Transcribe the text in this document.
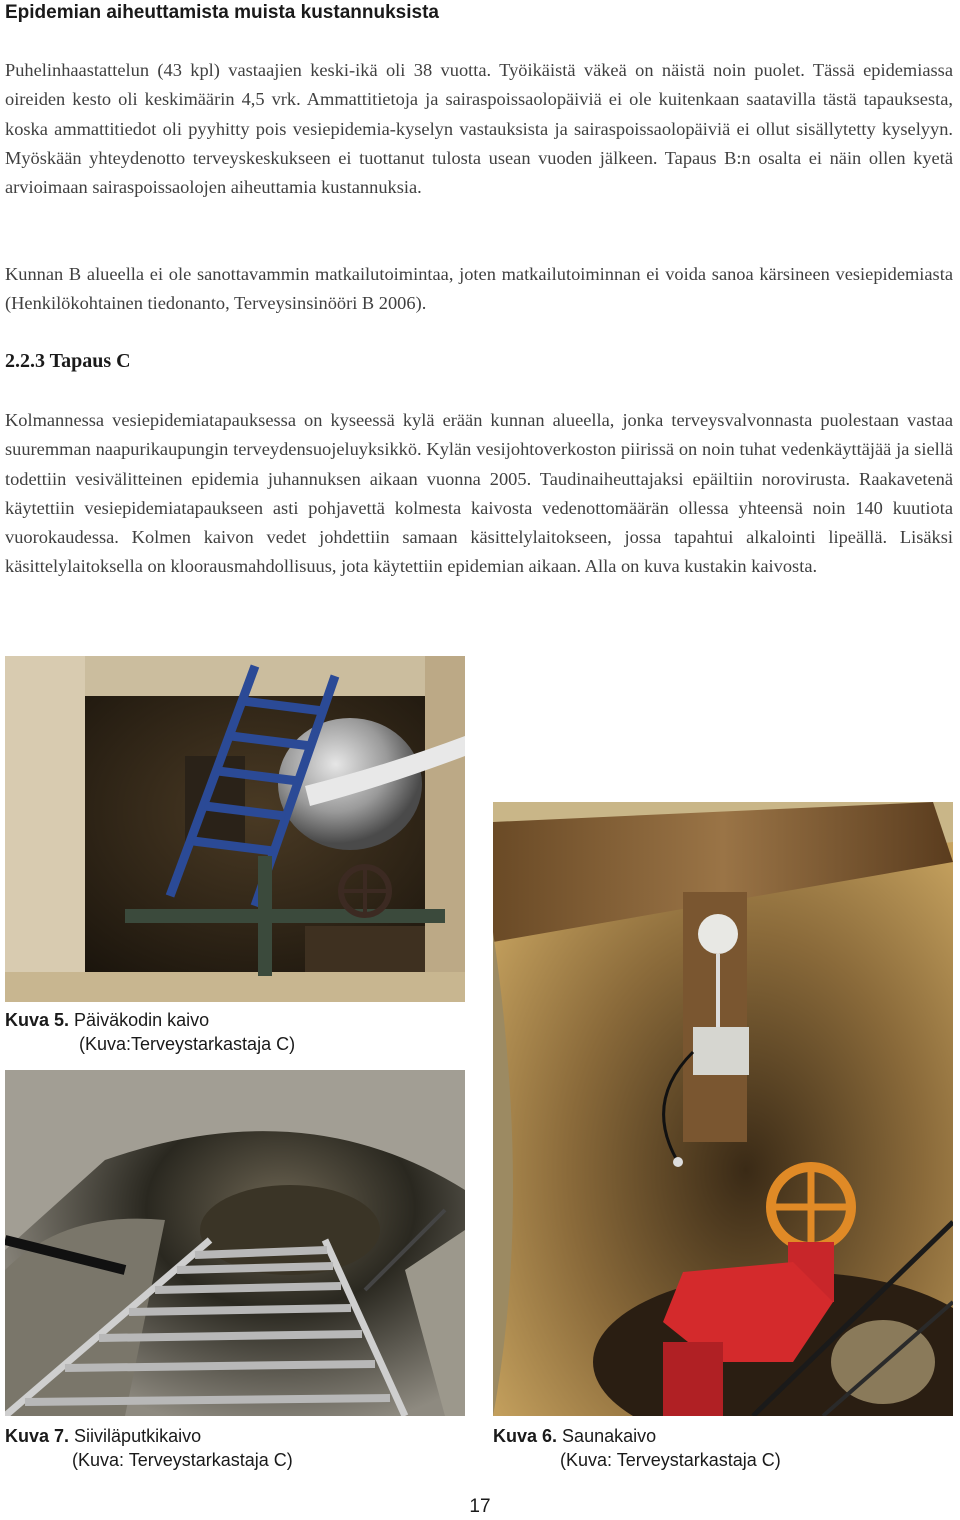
Epidemian aiheuttamista muista kustannuksista

Puhelinhaastattelun (43 kpl) vastaajien keski-ikä oli 38 vuotta. Työikäistä väkeä on näistä noin puolet. Tässä epidemiassa oireiden kesto oli keskimäärin 4,5 vrk. Ammattitietoja ja sairaspoissaolopäiviä ei ole kuitenkaan saatavilla tästä tapauksesta, koska ammattitiedot oli pyyhitty pois vesiepidemia-kyselyn vastauksista ja sairaspoissaolopäiviä ei ollut sisällytetty kyselyyn. Myöskään yhteydenotto terveyskeskukseen ei tuottanut tulosta usean vuoden jälkeen. Tapaus B:n osalta ei näin ollen kyetä arvioimaan sairaspoissaolojen aiheuttamia kustannuksia.

Kunnan B alueella ei ole sanottavammin matkailutoimintaa, joten matkailutoiminnan ei voida sanoa kärsineen vesiepidemiasta (Henkilökohtainen tiedonanto, Terveysinsinööri B 2006).

2.2.3 Tapaus C

Kolmannessa vesiepidemiatapauksessa on kyseessä kylä erään kunnan alueella, jonka terveysvalvonnasta puolestaan vastaa suuremman naapurikaupungin terveydensuojeluyksikkö. Kylän vesijohtoverkoston piirissä on noin tuhat vedenkäyttäjää ja siellä todettiin vesivälitteinen epidemia juhannuksen aikaan vuonna 2005. Taudinaiheuttajaksi epäiltiin norovirusta. Raakavetenä käytettiin vesiepidemiatapaukseen asti pohjavettä kolmesta kaivosta vedenottomäärän ollessa yhteensä noin 140 kuutiota vuorokaudessa. Kolmen kaivon vedet johdettiin samaan käsittelylaitokseen, jossa tapahtui alkalointi lipeällä. Lisäksi käsittelylaitoksella on kloorausmahdollisuus, jota käytettiin epidemian aikaan. Alla on kuva kustakin kaivosta.

Kuva 5. Päiväkodin kaivo
(Kuva:Terveystarkastaja C)
Kuva 7. Siiviläputkikaivo
(Kuva: Terveystarkastaja C)
Kuva 6. Saunakaivo
(Kuva: Terveystarkastaja C)
17
